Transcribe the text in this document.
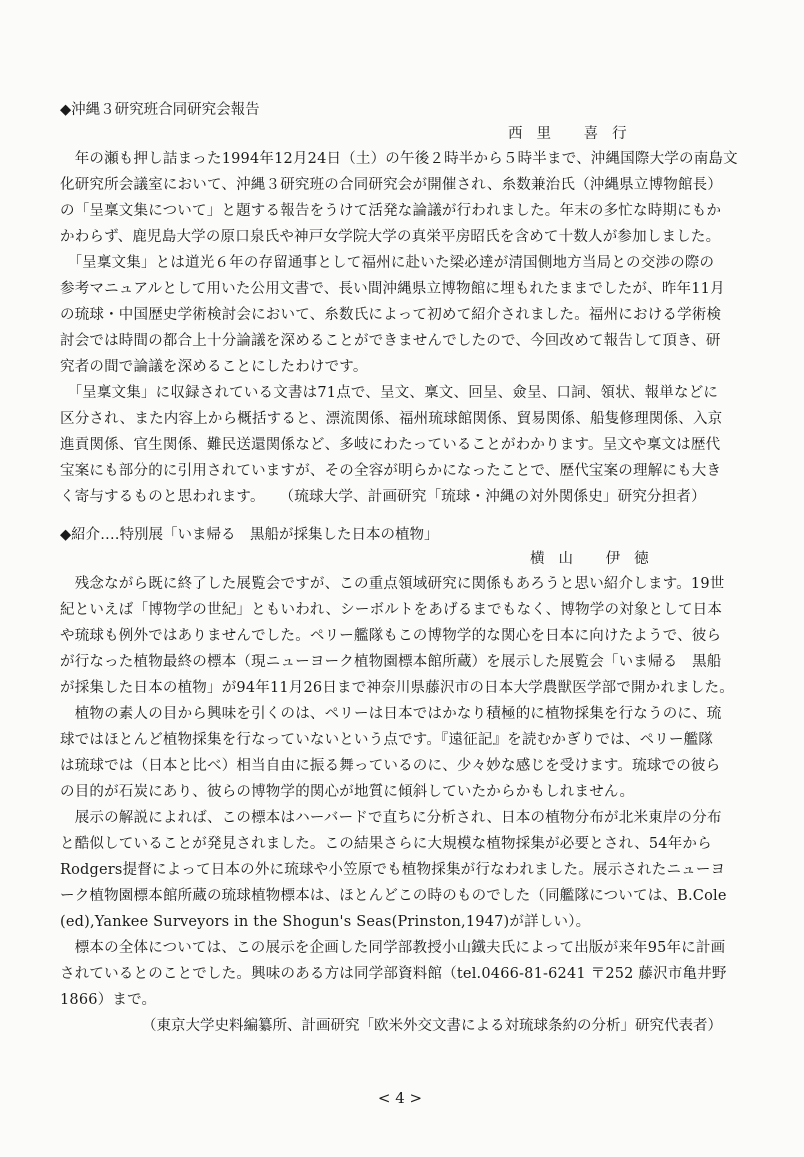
◆沖縄３研究班合同研究会報告
西里 喜行
　年の瀬も押し詰まった1994年12月24日（土）の午後２時半から５時半まで、沖縄国際大学の南島文
化研究所会議室において、沖縄３研究班の合同研究会が開催され、糸数兼治氏（沖縄県立博物館長）
の「呈稟文集について」と題する報告をうけて活発な論議が行われました。年末の多忙な時期にもか
かわらず、鹿児島大学の原口泉氏や神戸女学院大学の真栄平房昭氏を含めて十数人が参加しました。
　「呈稟文集」とは道光６年の存留通事として福州に赴いた梁必達が清国側地方当局との交渉の際の
参考マニュアルとして用いた公用文書で、長い間沖縄県立博物館に埋もれたままでしたが、昨年11月
の琉球・中国歴史学術検討会において、糸数氏によって初めて紹介されました。福州における学術検
討会では時間の都合上十分論議を深めることができませんでしたので、今回改めて報告して頂き、研
究者の間で論議を深めることにしたわけです。
　「呈稟文集」に収録されている文書は71点で、呈文、稟文、回呈、僉呈、口詞、領状、報単などに
区分され、また内容上から概括すると、漂流関係、福州琉球館関係、貿易関係、船隻修理関係、入京
進貢関係、官生関係、難民送還関係など、多岐にわたっていることがわかります。呈文や稟文は歴代
宝案にも部分的に引用されていますが、その全容が明らかになったことで、歴代宝案の理解にも大き
く寄与するものと思われます。　　（琉球大学、計画研究「琉球・沖縄の対外関係史」研究分担者）
◆紹介‥‥特別展「いま帰る　黒船が採集した日本の植物」
横山 伊徳
　残念ながら既に終了した展覧会ですが、この重点領域研究に関係もあろうと思い紹介します。19世
紀といえば「博物学の世紀」ともいわれ、シーボルトをあげるまでもなく、博物学の対象として日本
や琉球も例外ではありませんでした。ペリー艦隊もこの博物学的な関心を日本に向けたようで、彼ら
が行なった植物最終の標本（現ニューヨーク植物園標本館所蔵）を展示した展覧会「いま帰る　黒船
が採集した日本の植物」が94年11月26日まで神奈川県藤沢市の日本大学農獣医学部で開かれました。
　植物の素人の目から興味を引くのは、ペリーは日本ではかなり積極的に植物採集を行なうのに、琉
球ではほとんど植物採集を行なっていないという点です。『遠征記』を読むかぎりでは、ペリー艦隊
は琉球では（日本と比べ）相当自由に振る舞っているのに、少々妙な感じを受けます。琉球での彼ら
の目的が石炭にあり、彼らの博物学的関心が地質に傾斜していたからかもしれません。
　展示の解説によれば、この標本はハーバードで直ちに分析され、日本の植物分布が北米東岸の分布
と酷似していることが発見されました。この結果さらに大規模な植物採集が必要とされ、54年から
Rodgers提督によって日本の外に琉球や小笠原でも植物採集が行なわれました。展示されたニューヨ
ーク植物園標本館所蔵の琉球植物標本は、ほとんどこの時のものでした（同艦隊については、B.Cole
(ed),Yankee Surveyors in the Shogun's Seas(Prinston,1947)が詳しい）。
　標本の全体については、この展示を企画した同学部教授小山鐵夫氏によって出版が来年95年に計画
されているとのことでした。興味のある方は同学部資料館（tel.0466-81-6241 〒252 藤沢市亀井野
1866）まで。
（東京大学史料編纂所、計画研究「欧米外交文書による対琉球条約の分析」研究代表者）
< 4 >
